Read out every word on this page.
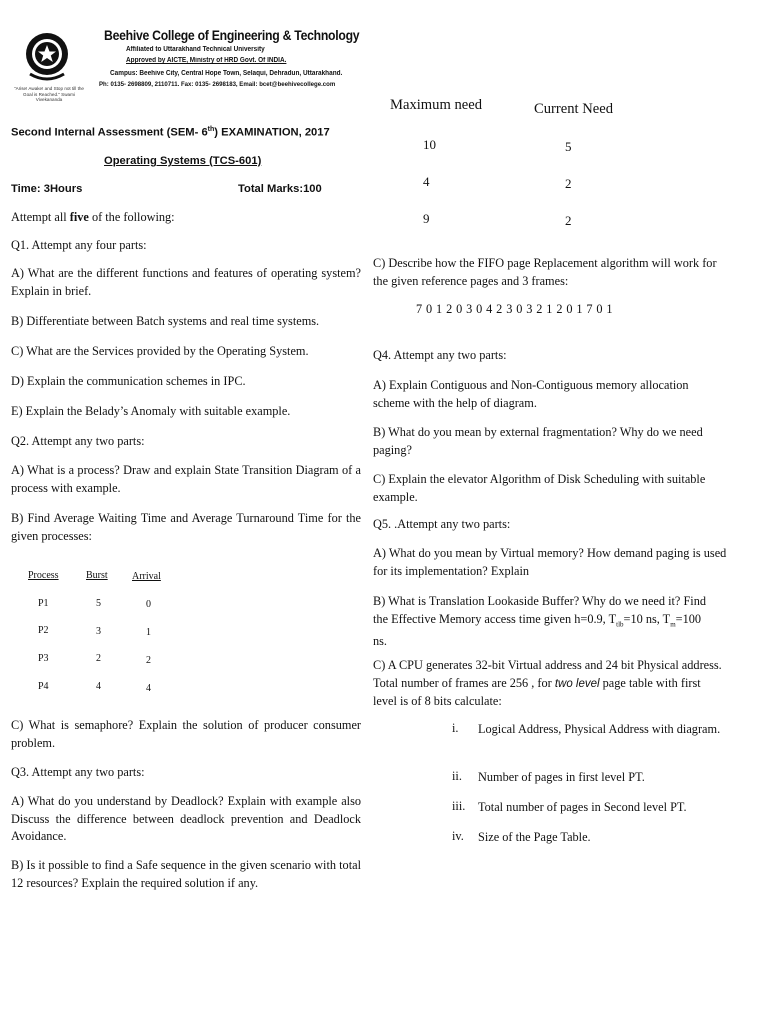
"Arise! Awake! and Stop not till the Goal is Reached." Swami Vivekananda
Beehive College of Engineering & Technology
Affiliated to Uttarakhand Technical University
Approved by AICTE, Ministry of HRD Govt. Of INDIA.
Campus: Beehive City, Central Hope Town, Selaqui, Dehradun, Uttarakhand.
Ph: 0135- 2698809, 2110711. Fax: 0135- 2698183, Email: bcet@beehivecollege.com
Second Internal Assessment (SEM- 6th) EXAMINATION, 2017
Operating Systems (TCS-601)
Time: 3Hours	Total Marks:100
Attempt all five of the following:
Q1. Attempt any four parts:
A) What are the different functions and features of operating system? Explain in brief.
B) Differentiate between Batch systems and real time systems.
C) What are the Services provided by the Operating System.
D) Explain the communication schemes in IPC.
E) Explain the Belady’s Anomaly with suitable example.
Q2. Attempt any two parts:
A) What is a process? Draw and explain State Transition Diagram of a process with example.
B) Find Average Waiting Time and Average Turnaround Time for the given processes:
Process	Burst Arrival
P1	5	0
P2	3	1
P3	2	2
P4	4	4
C) What is semaphore? Explain the solution of producer consumer problem.
Q3. Attempt any two parts:
A) What do you understand by Deadlock? Explain with example also Discuss the difference between deadlock prevention and Deadlock Avoidance.
B) Is it possible to find a Safe sequence in the given scenario with total 12 resources? Explain the required solution if any.
Maximum need	Current Need
10	5
4	2
9	2
C) Describe how the FIFO page Replacement algorithm will work for the given reference pages and 3 frames:
7 0 1 2 0 3 0 4 2 3 0 3 2 1 2 0 1 7 0 1
Q4. Attempt any two parts:
A) Explain Contiguous and Non-Contiguous memory allocation scheme with the help of diagram.
B) What do you mean by external fragmentation? Why do we need paging?
C) Explain the elevator Algorithm of Disk Scheduling with suitable example.
Q5. .Attempt any two parts:
A) What do you mean by Virtual memory? How demand paging is used for its implementation? Explain
B) What is Translation Lookaside Buffer? Why do we need it? Find
the Effective Memory access time given h=0.9, $T_{tlb}=10$ ns, $T_m=100$
ns.
C) A CPU generates 32-bit Virtual address and 24 bit Physical address. Total number of frames are 256 , for two level page table with first level is of 8 bits calculate:
i. Logical Address, Physical Address with diagram.
ii. Number of pages in first level PT.
iii. Total number of pages in Second level PT.
iv. Size of the Page Table.
